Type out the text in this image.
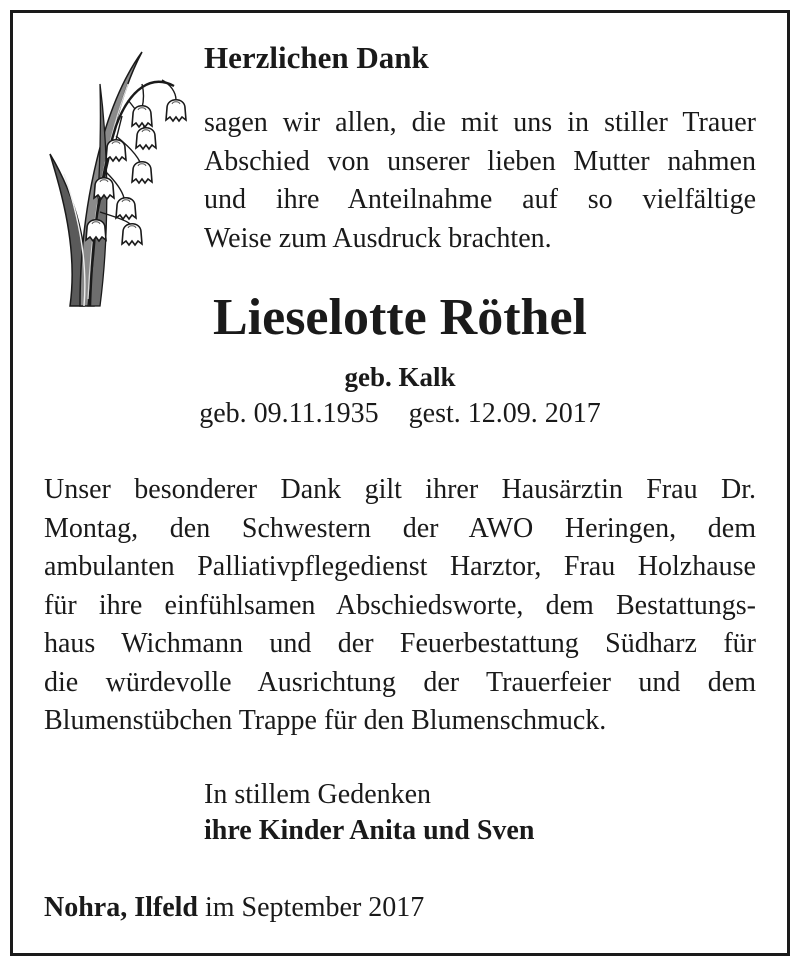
Herzlichen Dank
sagen wir allen, die mit uns in stiller Trauer
Abschied von unserer lieben Mutter nahmen
und ihre Anteilnahme auf so vielfältige
Weise zum Ausdruck brachten.
Lieselotte Röthel
geb. Kalk
geb. 09.11.1935 gest. 12.09. 2017
Unser besonderer Dank gilt ihrer Hausärztin Frau Dr.
Montag, den Schwestern der AWO Heringen, dem
ambulanten Palliativpflegedienst Harztor, Frau Holzhause
für ihre einfühlsamen Abschiedsworte, dem Bestattungs-
haus Wichmann und der Feuerbestattung Südharz für
die würdevolle Ausrichtung der Trauerfeier und dem
Blumenstübchen Trappe für den Blumenschmuck.
In stillem Gedenken
ihre Kinder Anita und Sven
Nohra, Ilfeld im September 2017
